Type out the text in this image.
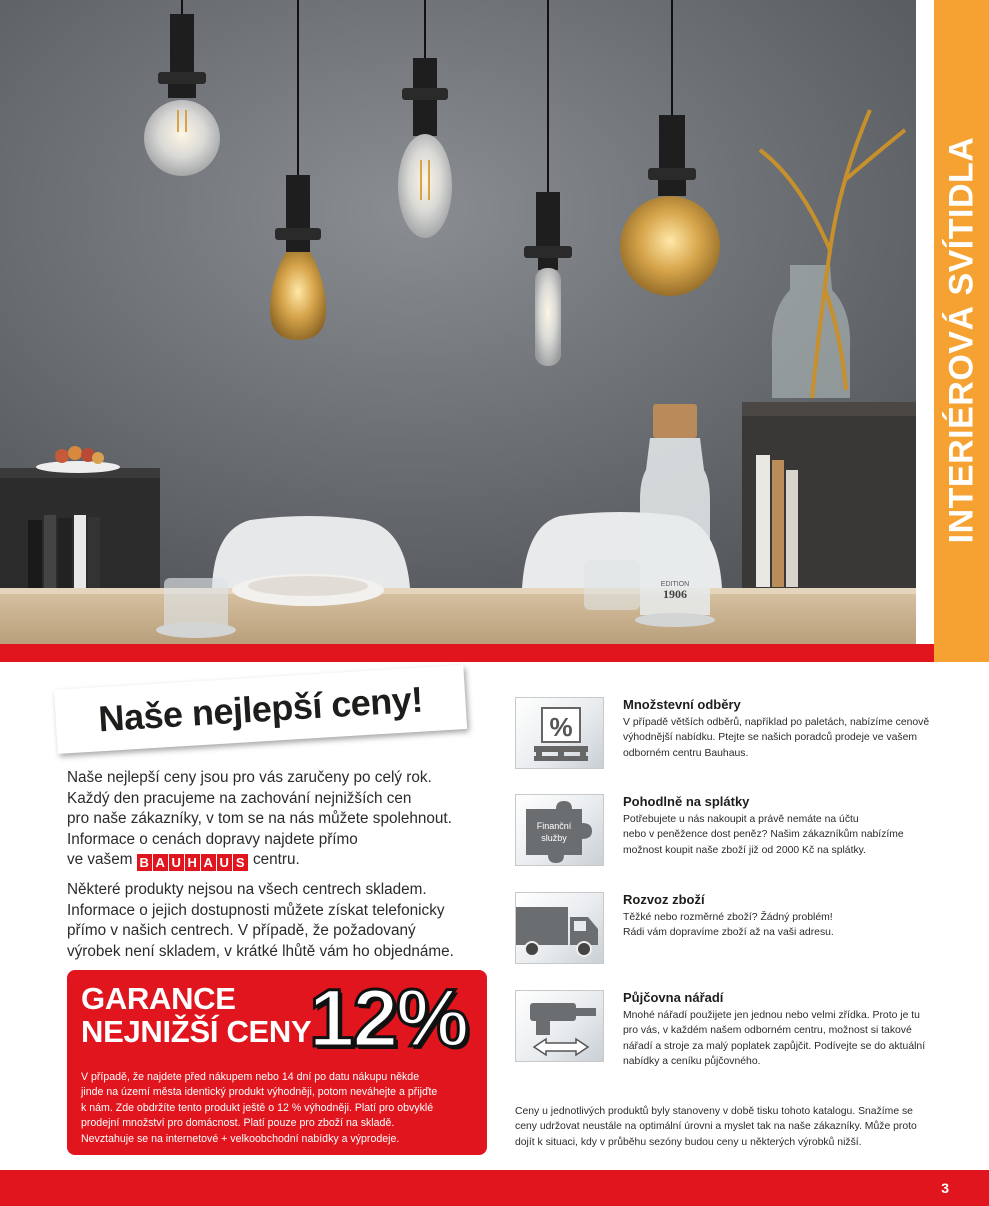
EDITION
1906
INTERIÉROVÁ SVÍTIDLA
Naše nejlepší ceny!

Naše nejlepší ceny jsou pro vás zaručeny po celý rok.

Každý den pracujeme na zachování nejnižších cen

pro naše zákazníky, v tom se na nás můžete spolehnout.

Informace o cenách dopravy najdete přímo

ve vašem B A U H A U S centru.

Některé produkty nejsou na všech centrech skladem.

Informace o jejich dostupnosti můžete získat telefonicky

přímo v našich centrech. V případě, že požadovaný

výrobek není skladem, v krátké lhůtě vám ho objednáme.

GARANCE
NEJNIŽŠÍ CENY
12%
V případě, že najdete před nákupem nebo 14 dní po datu nákupu někde
jinde na území města identický produkt výhodněji, potom neváhejte a přijďte
k nám. Zde obdržíte tento produkt ještě o 12 % výhodněji. Platí pro obvyklé
prodejní množství pro domácnost. Platí pouze pro zboží na skladě.
Nevztahuje se na internetové + velkoobchodní nabídky a výprodeje.
%
Množstevní odběry
V případě větších odběrů, například po paletách, nabízíme cenově
výhodnější nabídku. Ptejte se našich poradců prodeje ve vašem
odborném centru Bauhaus.
Finanční
služby
Pohodlně na splátky
Potřebujete u nás nakoupit a právě nemáte na účtu
nebo v peněžence dost peněz? Našim zákazníkům nabízíme
možnost koupit naše zboží již od 2000 Kč na splátky.
Rozvoz zboží
Těžké nebo rozměrné zboží? Žádný problém!
Rádi vám dopravíme zboží až na vaši adresu.
Půjčovna nářadí
Mnohé nářadí použijete jen jednou nebo velmi zřídka. Proto je tu
pro vás, v každém našem odborném centru, možnost si takové
nářadí a stroje za malý poplatek zapůjčit. Podívejte se do aktuální
nabídky a ceníku půjčovného.
Ceny u jednotlivých produktů byly stanoveny v době tisku tohoto katalogu. Snažíme se
ceny udržovat neustále na optimální úrovni a myslet tak na naše zákazníky. Může proto
dojít k situaci, kdy v průběhu sezóny budou ceny u některých výrobků nižší.
3
